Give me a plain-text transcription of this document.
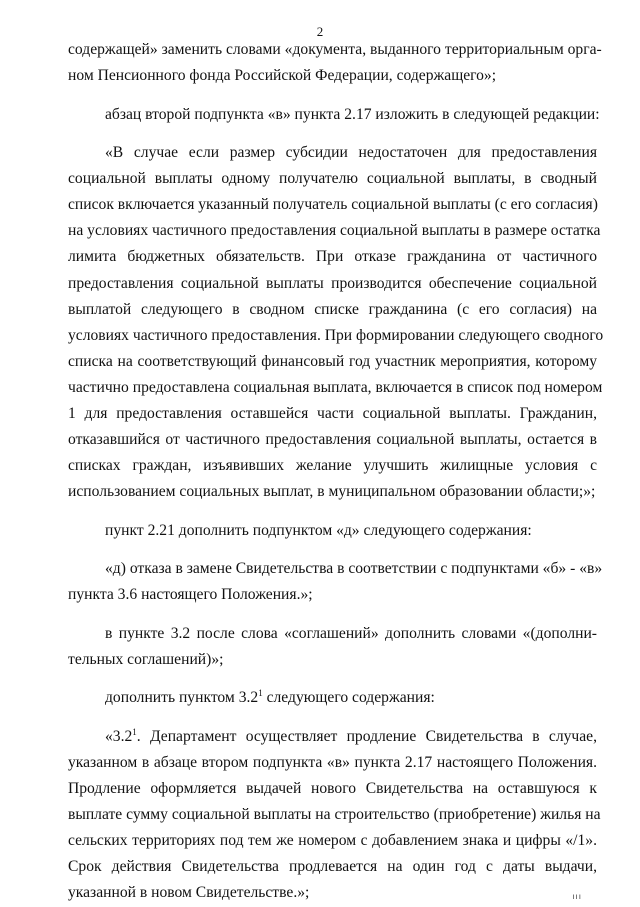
2
содержащей» заменить словами «документа, выданного территориальным орга-
ном Пенсионного фонда Российской Федерации, содержащего»;
абзац второй подпункта «в» пункта 2.17 изложить в следующей редакции:
«В случае если размер субсидии недостаточен для предоставления
социальной выплаты одному получателю социальной выплаты, в сводный
список включается указанный получатель социальной выплаты (с его согласия)
на условиях частичного предоставления социальной выплаты в размере остатка
лимита бюджетных обязательств. При отказе гражданина от частичного
предоставления социальной выплаты производится обеспечение социальной
выплатой следующего в сводном списке гражданина (с его согласия) на
условиях частичного предоставления. При формировании следующего сводного
списка на соответствующий финансовый год участник мероприятия, которому
частично предоставлена социальная выплата, включается в список под номером
1 для предоставления оставшейся части социальной выплаты. Гражданин,
отказавшийся от частичного предоставления социальной выплаты, остается в
списках граждан, изъявивших желание улучшить жилищные условия с
использованием социальных выплат, в муниципальном образовании области;»;
пункт 2.21 дополнить подпунктом «д» следующего содержания:
«д) отказа в замене Свидетельства в соответствии с подпунктами «б» - «в»
пункта 3.6 настоящего Положения.»;
в пункте 3.2 после слова «соглашений» дополнить словами «(дополни-
тельных соглашений)»;
дополнить пунктом $3.2^1$ следующего содержания:
«$3.2^1$. Департамент осуществляет продление Свидетельства в случае,
указанном в абзаце втором подпункта «в» пункта 2.17 настоящего Положения.
Продление оформляется выдачей нового Свидетельства на оставшуюся к
выплате сумму социальной выплаты на строительство (приобретение) жилья на
сельских территориях под тем же номером с добавлением знака и цифры «/1».
Срок действия Свидетельства продлевается на один год с даты выдачи,
указанной в новом Свидетельстве.»;	ııı
